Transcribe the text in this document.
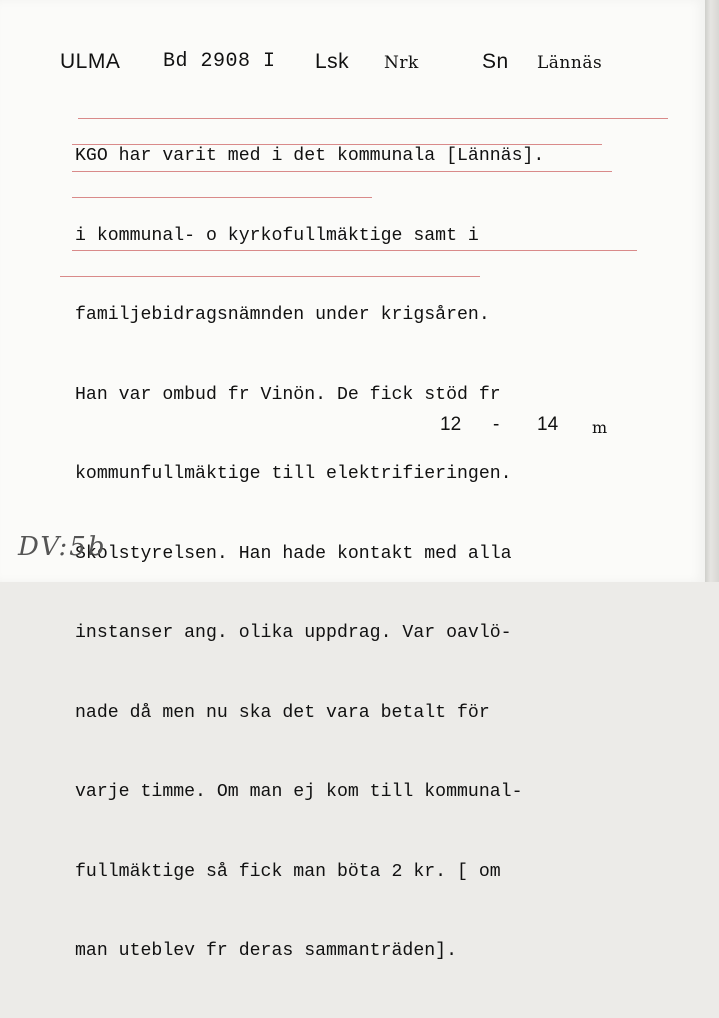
ULMA Bd 2908 I Lsk Nrk	Sn Lännäs

KGO har varit med i det kommunala [Lännäs].

i kommunal- o kyrkofullmäktige samt i

familjebidragsnämnden under krigsåren.

Han var ombud fr Vinön. De fick stöd fr

kommunfullmäktige till elektrifieringen.

Skolstyrelsen. Han hade kontakt med alla

instanser ang. olika uppdrag. Var oavlö-

nade då men nu ska det vara betalt för

varje timme. Om man ej kom till kommunal-

fullmäktige så fick man böta 2 kr. [ om

man uteblev fr deras sammanträden].

12 - 14 m
DV:5b
